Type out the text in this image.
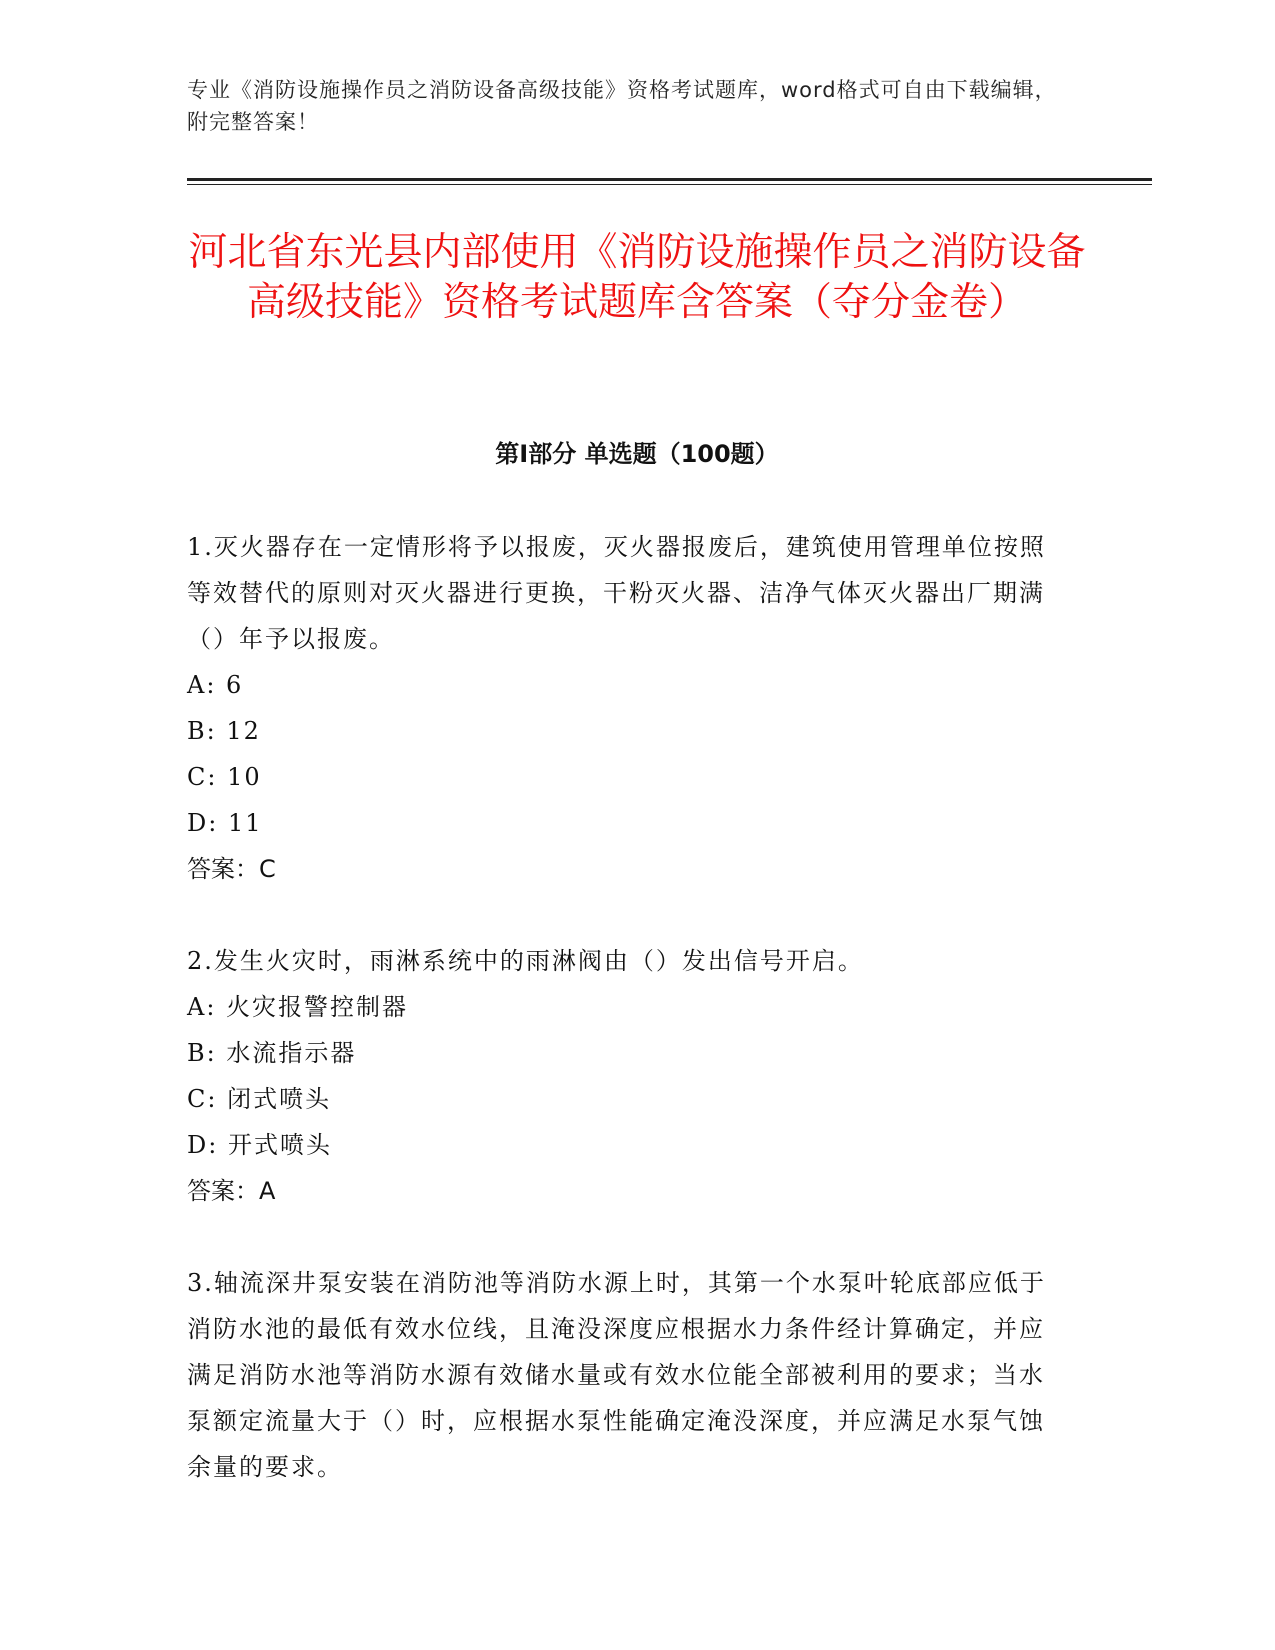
专业《消防设施操作员之消防设备高级技能》资格考试题库，word格式可自由下载编辑，附完整答案！
河北省东光县内部使用《消防设施操作员之消防设备高级技能》资格考试题库含答案（夺分金卷）
第Ⅰ部分 单选题（100题）

1.灭火器存在一定情形将予以报废，灭火器报废后，建筑使用管理单位按照等效替代的原则对灭火器进行更换，干粉灭火器、洁净气体灭火器出厂期满（）年予以报废。

A: 6

B: 12

C: 10

D: 11

答案：C

2.发生火灾时，雨淋系统中的雨淋阀由（）发出信号开启。

A: 火灾报警控制器

B: 水流指示器

C: 闭式喷头

D: 开式喷头

答案：A

3.轴流深井泵安装在消防池等消防水源上时，其第一个水泵叶轮底部应低于消防水池的最低有效水位线，且淹没深度应根据水力条件经计算确定，并应满足消防水池等消防水源有效储水量或有效水位能全部被利用的要求；当水泵额定流量大于（）时，应根据水泵性能确定淹没深度，并应满足水泵气蚀余量的要求。
